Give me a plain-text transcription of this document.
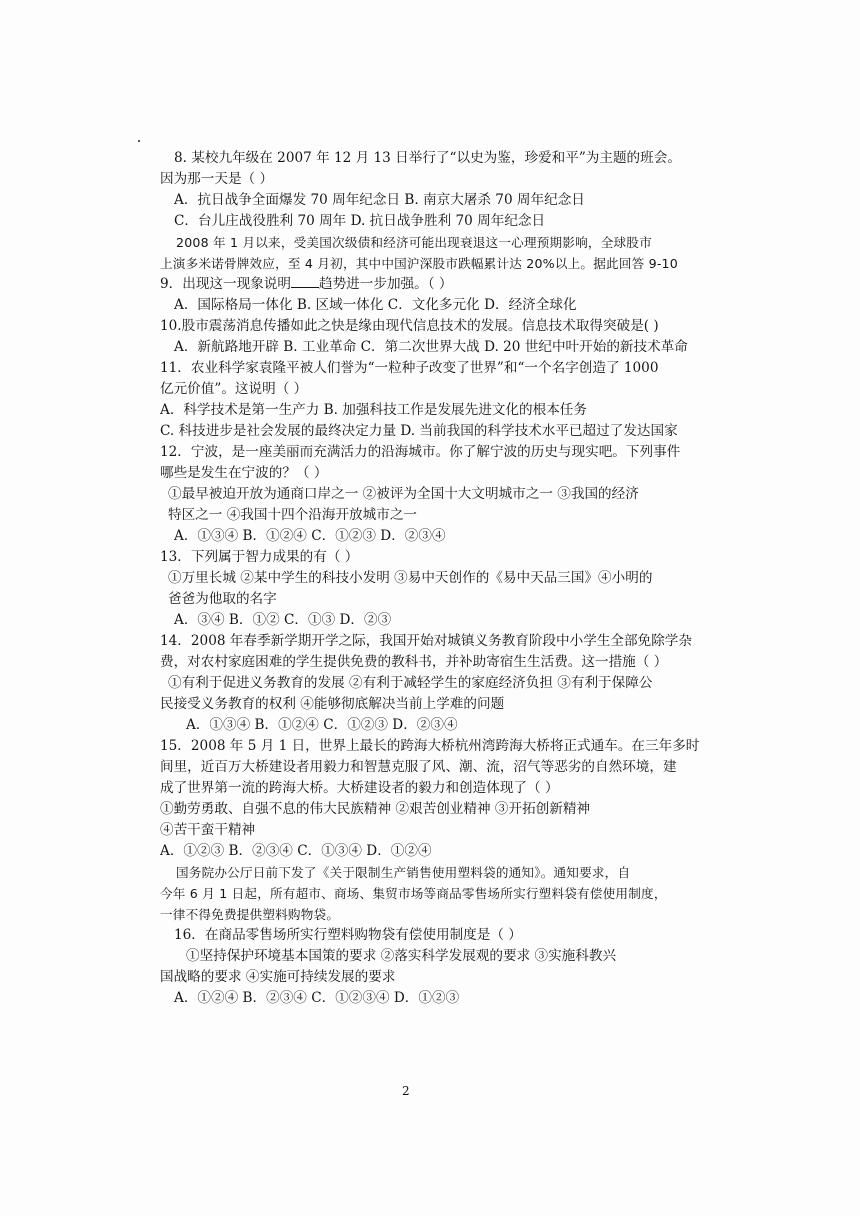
8. 某校九年级在 2007 年 12 月 13 日举行了“以史为鉴，珍爱和平”为主题的班会。
因为那一天是（ ）
A．抗日战争全面爆发 70 周年纪念日 B. 南京大屠杀 70 周年纪念日
C．台儿庄战役胜利 70 周年 D. 抗日战争胜利 70 周年纪念日
2008 年 1 月以来，受美国次级债和经济可能出现衰退这一心理预期影响，全球股市
上演多米诺骨牌效应，至 4 月初，其中中国沪深股市跌幅累计达 20%以上。据此回答 9-10
9．出现这一现象说明 趋势进一步加强。（ ）
A．国际格局一体化 B. 区域一体化 C．文化多元化 D．经济全球化
10.股市震荡消息传播如此之快是缘由现代信息技术的发展。信息技术取得突破是( )
A．新航路地开辟 B. 工业革命 C．第二次世界大战 D. 20 世纪中叶开始的新技术革命
11．农业科学家袁隆平被人们誉为“一粒种子改变了世界”和“一个名字创造了 1000
亿元价值”。这说明（ ）
A．科学技术是第一生产力 B. 加强科技工作是发展先进文化的根本任务
C. 科技进步是社会发展的最终决定力量 D. 当前我国的科学技术水平已超过了发达国家
12．宁波，是一座美丽而充满活力的沿海城市。你了解宁波的历史与现实吧。下列事件
哪些是发生在宁波的？（ ）
①最早被迫开放为通商口岸之一 ②被评为全国十大文明城市之一 ③我国的经济
特区之一 ④我国十四个沿海开放城市之一
A．①③④ B．①②④ C．①②③ D．②③④
13．下列属于智力成果的有（ ）
①万里长城 ②某中学生的科技小发明 ③易中天创作的《易中天品三国》④小明的
爸爸为他取的名字
A．③④ B．①② C．①③ D．②③
14．2008 年春季新学期开学之际，我国开始对城镇义务教育阶段中小学生全部免除学杂
费，对农村家庭困难的学生提供免费的教科书，并补助寄宿生生活费。这一措施（ ）
①有利于促进义务教育的发展 ②有利于减轻学生的家庭经济负担 ③有利于保障公
民接受义务教育的权利 ④能够彻底解决当前上学难的问题
A．①③④ B．①②④ C．①②③ D．②③④
15．2008 年 5 月 1 日，世界上最长的跨海大桥杭州湾跨海大桥将正式通车。在三年多时
间里，近百万大桥建设者用毅力和智慧克服了风、潮、流，沼气等恶劣的自然环境，建
成了世界第一流的跨海大桥。大桥建设者的毅力和创造体现了（ ）
①勤劳勇敢、自强不息的伟大民族精神 ②艰苦创业精神 ③开拓创新精神
④苦干蛮干精神
A．①②③ B．②③④ C．①③④ D．①②④
国务院办公厅日前下发了《关于限制生产销售使用塑料袋的通知》。通知要求，自
今年 6 月 1 日起，所有超市、商场、集贸市场等商品零售场所实行塑料袋有偿使用制度，
一律不得免费提供塑料购物袋。
16．在商品零售场所实行塑料购物袋有偿使用制度是（ ）
①坚持保护环境基本国策的要求 ②落实科学发展观的要求 ③实施科教兴
国战略的要求 ④实施可持续发展的要求
A．①②④ B．②③④ C．①②③④ D．①②③
2
